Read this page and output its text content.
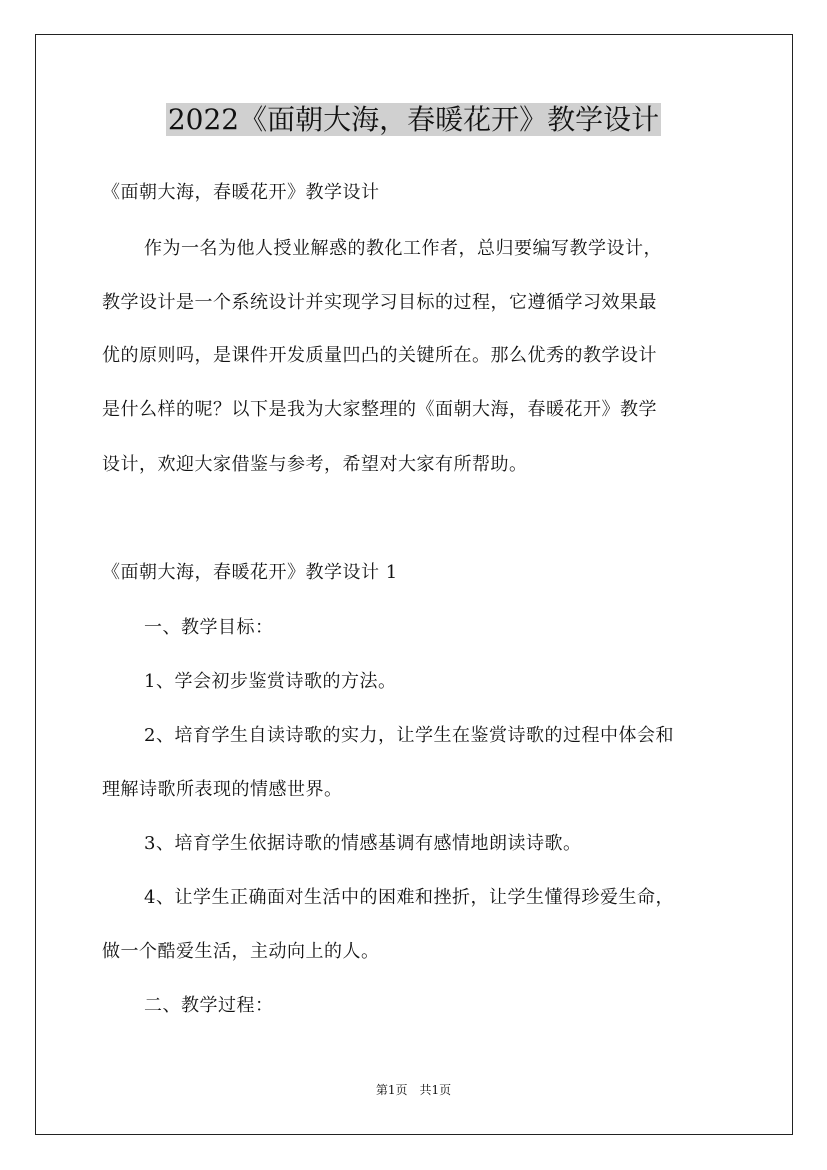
2022《面朝大海，春暖花开》教学设计
《面朝大海，春暖花开》教学设计
作为一名为他人授业解惑的教化工作者，总归要编写教学设计，
教学设计是一个系统设计并实现学习目标的过程，它遵循学习效果最
优的原则吗，是课件开发质量凹凸的关键所在。那么优秀的教学设计
是什么样的呢？以下是我为大家整理的《面朝大海，春暖花开》教学
设计，欢迎大家借鉴与参考，希望对大家有所帮助。
《面朝大海，春暖花开》教学设计 1
一、教学目标：
1、学会初步鉴赏诗歌的方法。
2、培育学生自读诗歌的实力，让学生在鉴赏诗歌的过程中体会和
理解诗歌所表现的情感世界。
3、培育学生依据诗歌的情感基调有感情地朗读诗歌。
4、让学生正确面对生活中的困难和挫折，让学生懂得珍爱生命，
做一个酷爱生活，主动向上的人。
二、教学过程：
第1页 共1页
